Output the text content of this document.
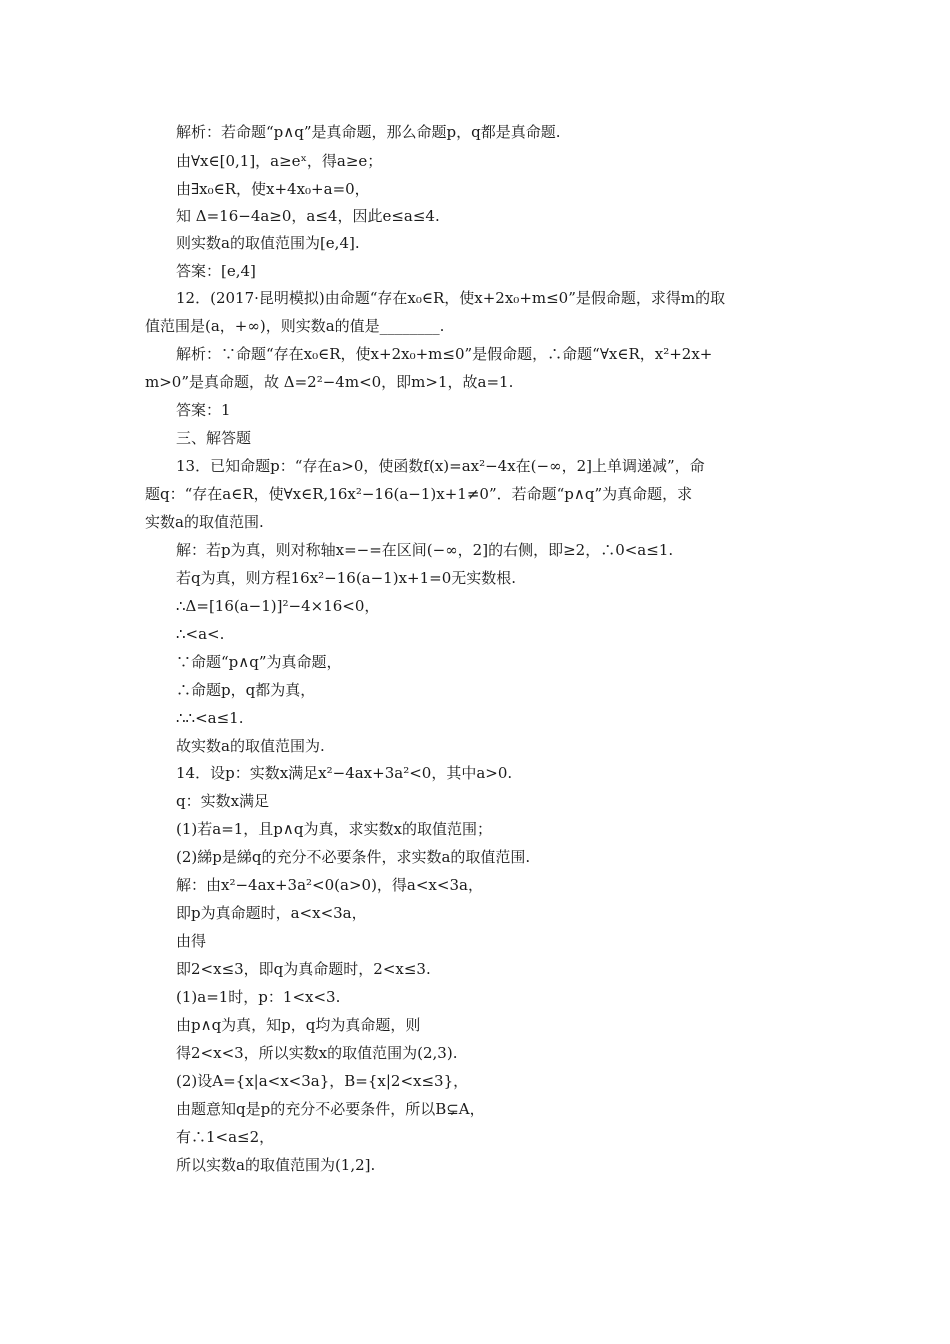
解析：若命题“p∧q”是真命题，那么命题p，q都是真命题.
由∀x∈[0,1]，a≥eˣ，得a≥e；
由∃x₀∈R，使x+4x₀+a=0，
知 Δ=16−4a≥0，a≤4，因此e≤a≤4.
则实数a的取值范围为[e,4].
答案：[e,4]
12．(2017·昆明模拟)由命题“存在x₀∈R，使x+2x₀+m≤0”是假命题，求得m的取
值范围是(a，+∞)，则实数a的值是________.
解析：∵命题“存在x₀∈R，使x+2x₀+m≤0”是假命题，∴命题“∀x∈R，x²+2x+
m>0”是真命题，故 Δ=2²−4m<0，即m>1，故a=1.
答案：1
三、解答题
13．已知命题p：“存在a>0，使函数f(x)=ax²−4x在(−∞，2]上单调递减”，命
题q：“存在a∈R，使∀x∈R,16x²−16(a−1)x+1≠0”．若命题“p∧q”为真命题，求
实数a的取值范围.
解：若p为真，则对称轴x=−=在区间(−∞，2]的右侧，即≥2，∴0<a≤1.
若q为真，则方程16x²−16(a−1)x+1=0无实数根.
∴Δ=[16(a−1)]²−4×16<0，
∴<a<.
∵命题“p∧q”为真命题，
∴命题p，q都为真，
∴∴<a≤1.
故实数a的取值范围为.
14．设p：实数x满足x²−4ax+3a²<0，其中a>0.
q：实数x满足
(1)若a=1，且p∧q为真，求实数x的取值范围；
(2)綈p是綈q的充分不必要条件，求实数a的取值范围.
解：由x²−4ax+3a²<0(a>0)，得a<x<3a，
即p为真命题时，a<x<3a，
由得
即2<x≤3，即q为真命题时，2<x≤3.
(1)a=1时，p：1<x<3.
由p∧q为真，知p，q均为真命题，则
得2<x<3，所以实数x的取值范围为(2,3).
(2)设A={x|a<x<3a}，B={x|2<x≤3}，
由题意知q是p的充分不必要条件，所以B⊊A，
有∴1<a≤2，
所以实数a的取值范围为(1,2].
